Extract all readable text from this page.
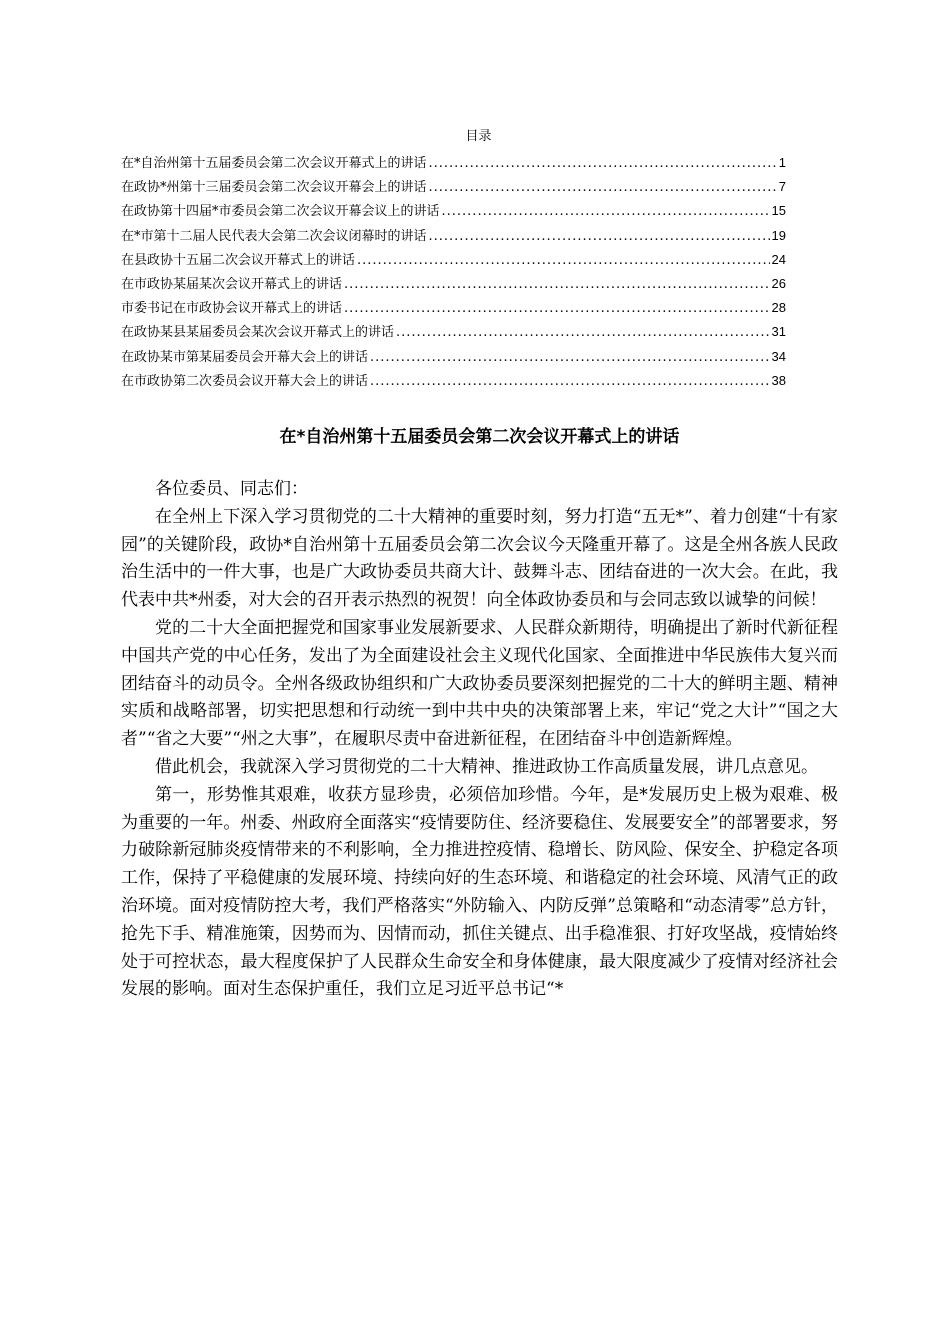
目录
在*自治州第十五届委员会第二次会议开幕式上的讲话 .....	1
在政协*州第十三届委员会第二次会议开幕会上的讲话 .....	7
在政协第十四届*市委员会第二次会议开幕会议上的讲话 .....	15
在*市第十二届人民代表大会第二次会议闭幕时的讲话 .....	19
在县政协十五届二次会议开幕式上的讲话 .....	24
在市政协某届某次会议开幕式上的讲话 .....	26
市委书记在市政协会议开幕式上的讲话 .....	28
在政协某县某届委员会某次会议开幕式上的讲话 .....	31
在政协某市第某届委员会开幕大会上的讲话 .....	34
在市政协第二次委员会议开幕大会上的讲话 .....	38
在*自治州第十五届委员会第二次会议开幕式上的讲话

各位委员、同志们：

在全州上下深入学习贯彻党的二十大精神的重要时刻，努力打造“五无*”、着力创建“十有家园”的关键阶段，政协*自治州第十五届委员会第二次会议今天隆重开幕了。这是全州各族人民政治生活中的一件大事，也是广大政协委员共商大计、鼓舞斗志、团结奋进的一次大会。在此，我代表中共*州委，对大会的召开表示热烈的祝贺！向全体政协委员和与会同志致以诚挚的问候！

党的二十大全面把握党和国家事业发展新要求、人民群众新期待，明确提出了新时代新征程中国共产党的中心任务，发出了为全面建设社会主义现代化国家、全面推进中华民族伟大复兴而团结奋斗的动员令。全州各级政协组织和广大政协委员要深刻把握党的二十大的鲜明主题、精神实质和战略部署，切实把思想和行动统一到中共中央的决策部署上来，牢记“党之大计”“国之大者”“省之大要”“州之大事”，在履职尽责中奋进新征程，在团结奋斗中创造新辉煌。

借此机会，我就深入学习贯彻党的二十大精神、推进政协工作高质量发展，讲几点意见。

第一，形势惟其艰难，收获方显珍贵，必须倍加珍惜。今年，是*发展历史上极为艰难、极为重要的一年。州委、州政府全面落实“疫情要防住、经济要稳住、发展要安全”的部署要求，努力破除新冠肺炎疫情带来的不利影响，全力推进控疫情、稳增长、防风险、保安全、护稳定各项工作，保持了平稳健康的发展环境、持续向好的生态环境、和谐稳定的社会环境、风清气正的政治环境。面对疫情防控大考，我们严格落实“外防输入、内防反弹”总策略和“动态清零”总方针，抢先下手、精准施策，因势而为、因情而动，抓住关键点、出手稳准狠、打好攻坚战，疫情始终处于可控状态，最大程度保护了人民群众生命安全和身体健康，最大限度减少了疫情对经济社会发展的影响。面对生态保护重任，我们立足习近平总书记“*
